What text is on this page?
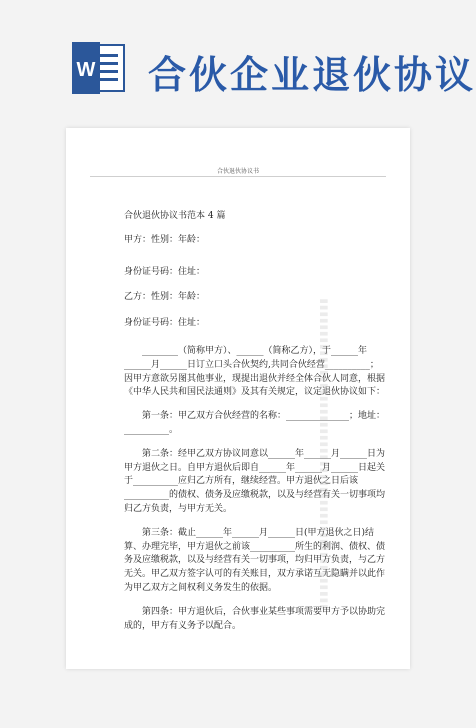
W 合伙企业退伙协议
合伙退伙协议书

合伙退伙协议书范本 4 篇

甲方：性别：年龄：

身份证号码：住址：

乙方：性别：年龄：

身份证号码：住址：

________（简称甲方）、______（简称乙方），于______年______月______日订立口头合伙契约,共同合伙经营__________；因甲方意欲另图其他事业，现提出退伙并经全体合伙人同意，根据《中华人民共和国民法通则》及其有关规定，议定退伙协议如下：

第一条：甲乙双方合伙经营的名称：______________；地址：__________。

第二条：经甲乙双方协议同意以______年______月______日为甲方退伙之日。自甲方退伙后即自______年______月______日起关于__________应归乙方所有，继续经营。甲方退伙之日后该__________的债权、债务及应缴税款，以及与经营有关一切事项均归乙方负责，与甲方无关。

第三条：截止______年______月______日(甲方退伙之日)结算、办理完毕，甲方退伙之前该__________所生的利润、债权、债务及应缴税款，以及与经营有关一切事项，均归甲方负责，与乙方无关。甲乙双方签字认可的有关账目，双方承诺互无隐瞒并以此作为甲乙双方之间权利义务发生的依据。

第四条：甲方退伙后，合伙事业某些事项需要甲方予以协助完成的，甲方有义务予以配合。

▮▮▮▮▮▮▮▮▮▮▮▮▮▮▮▮▮▮▮▮▮▮▮▮▮▮▮▮▮▮▮▮▮▮▮▮▮▮▮▮▮▮▮▮▮▮▮▮
